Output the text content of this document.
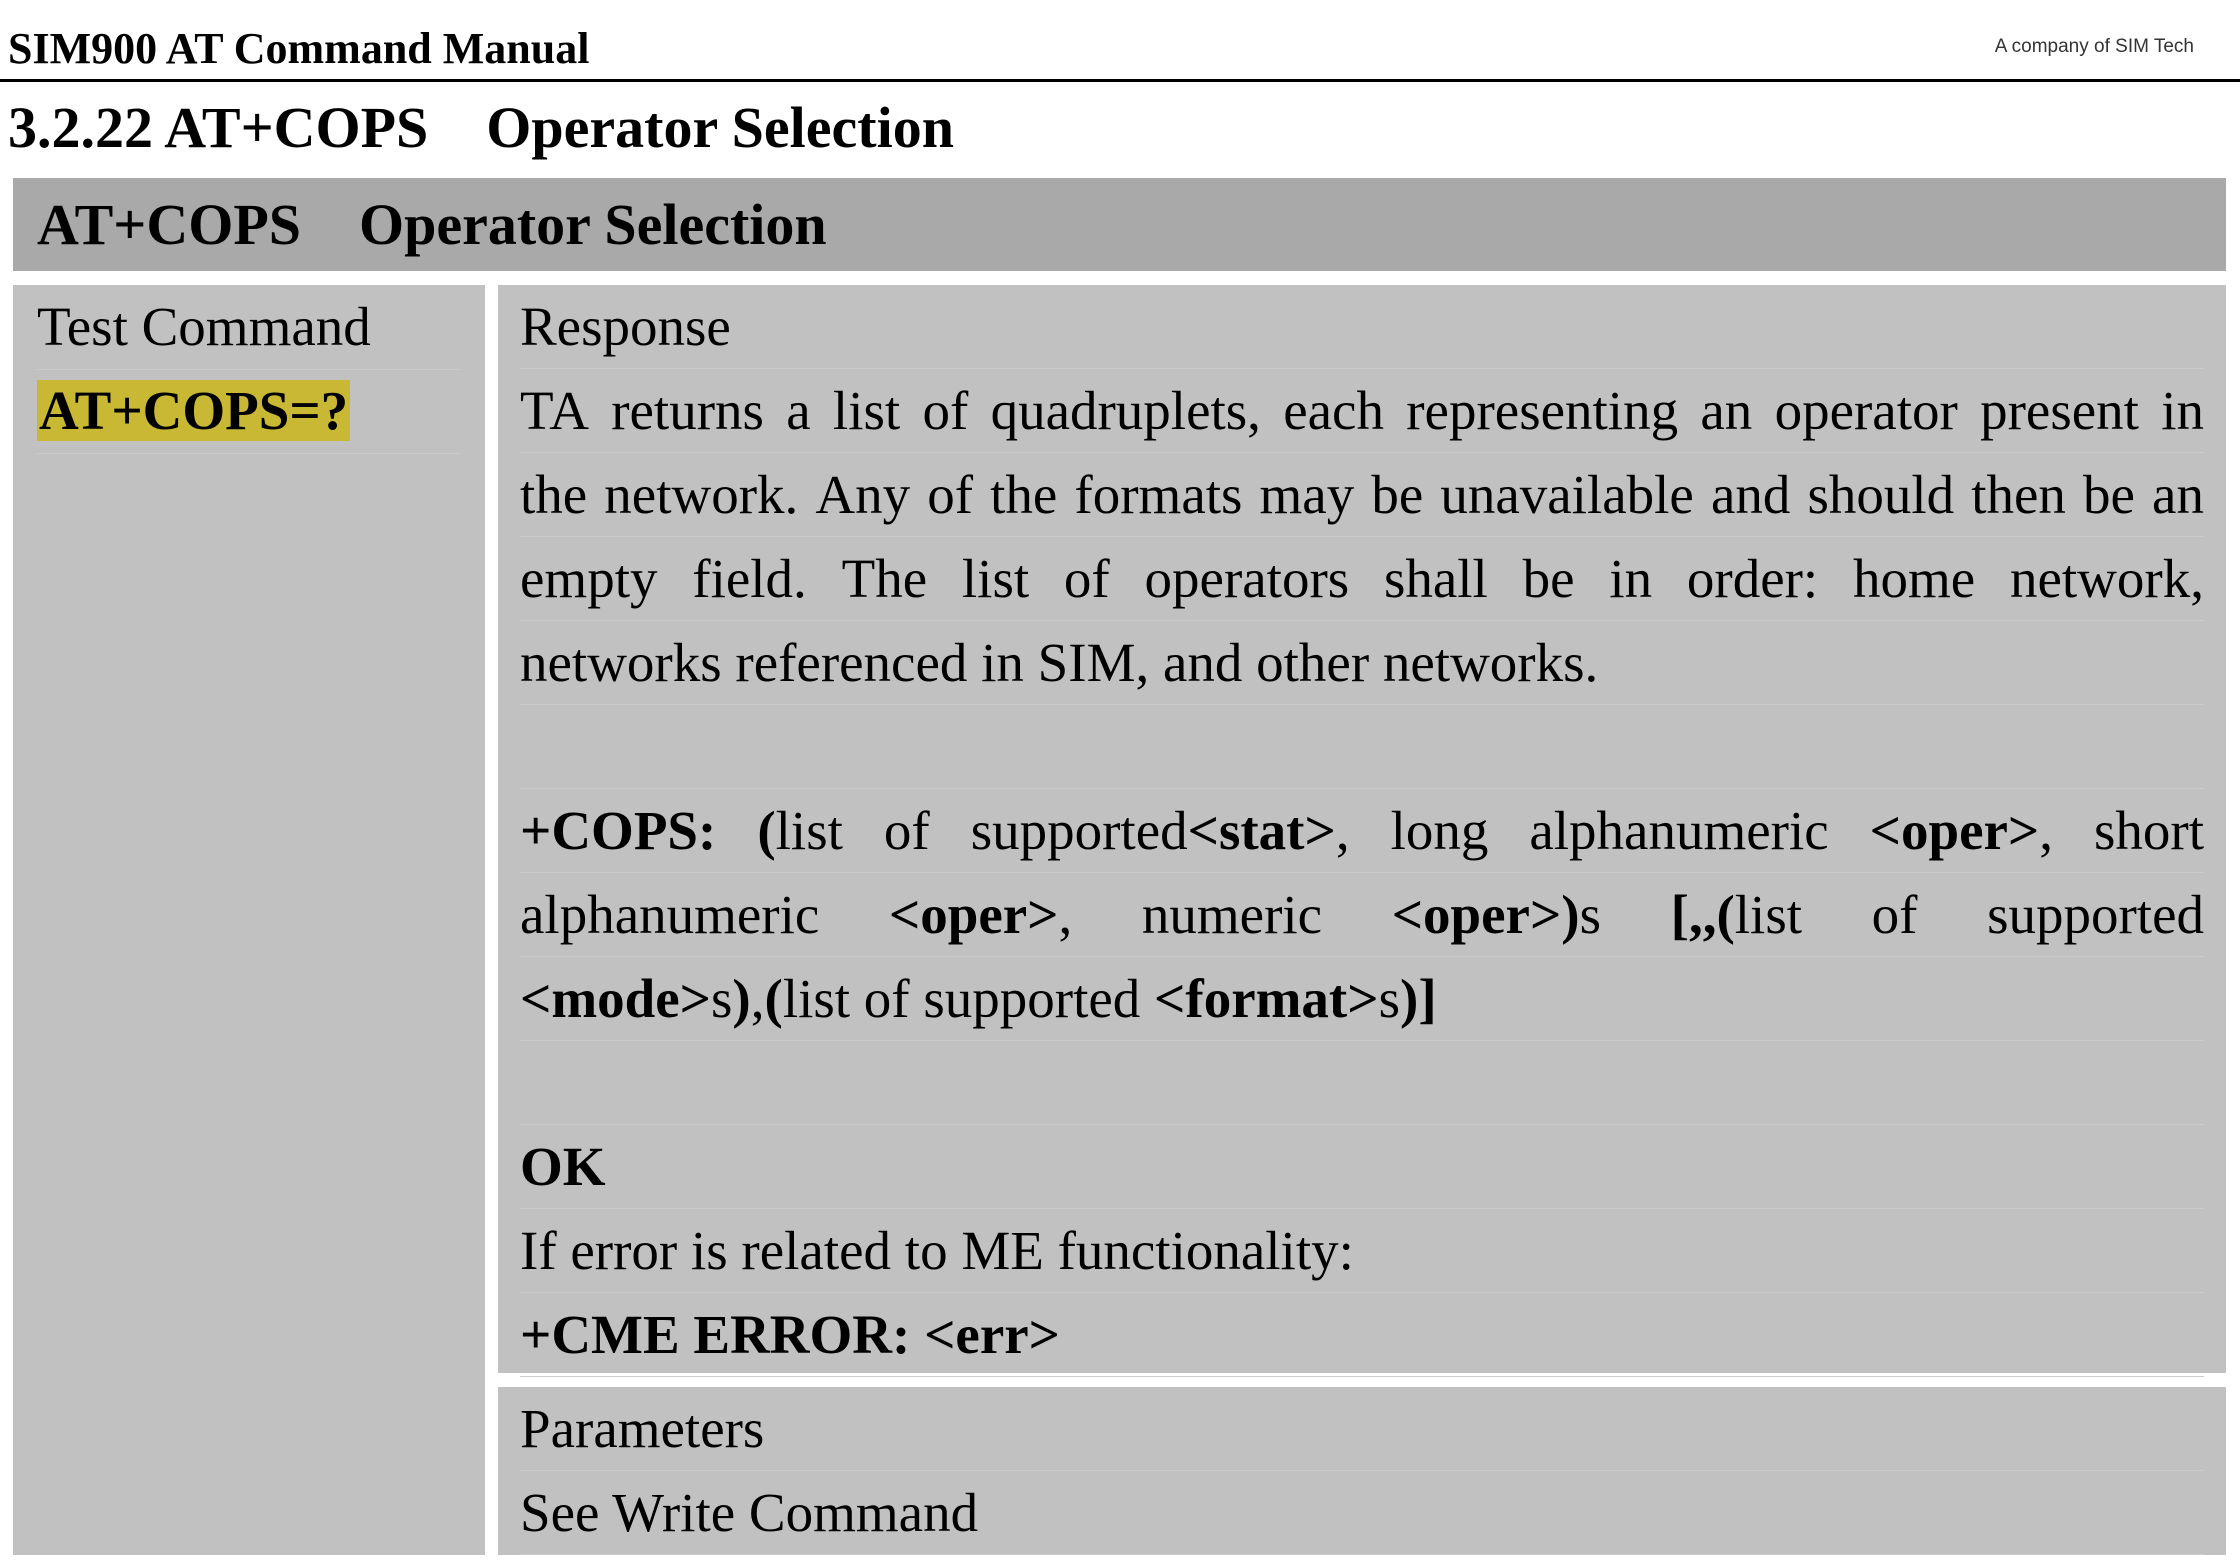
SIM900 AT Command Manual	A company of SIM Tech
3.2.22 AT+COPS    Operator Selection
AT+COPS    Operator Selection
Test Command
AT+COPS=?
Response
TA returns a list of quadruplets, each representing an operator present in
the network. Any of the formats may be unavailable and should then be an
empty field. The list of operators shall be in order: home network,
networks referenced in SIM, and other networks.
+COPS: (list of supported<stat>, long alphanumeric <oper>, short
alphanumeric <oper>, numeric <oper>)s [,,(list of supported
<mode>s),(list of supported <format>s)]
OK
If error is related to ME functionality:
+CME ERROR: <err>
Parameters
See Write Command
